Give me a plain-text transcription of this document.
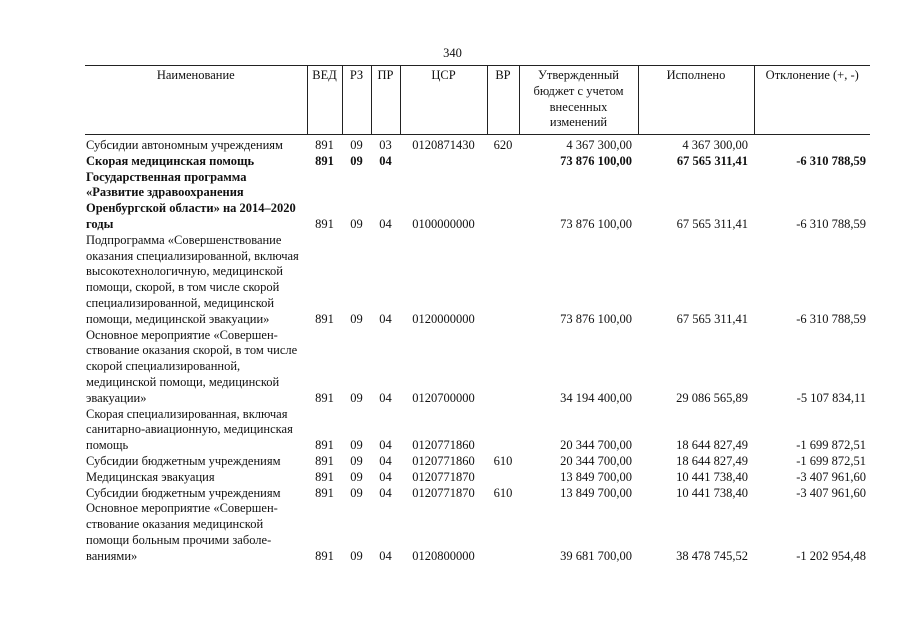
340
Наименование	ВЕД	РЗ	ПР	ЦСР	ВР	Утвержденный бюджет с учетом внесенных изменений	Исполнено	Отклонение (+, -)
Субсидии автономным учреждениям	891	09	03	0120871430	620	4 367 300,00	4 367 300,00	
Скорая медицинская помощь	891	09	04			73 876 100,00	67 565 311,41	-6 310 788,59
Государственная программа «Развитие здравоохранения Оренбургской области» на 2014–2020 годы	891	09	04	0100000000		73 876 100,00	67 565 311,41	-6 310 788,59
Подпрограмма «Совершенствование оказания специализированной, включая высокотехнологичную, медицинской помощи, скорой, в том числе скорой специализированной, медицинской помощи, медицинской эвакуации»	891	09	04	0120000000		73 876 100,00	67 565 311,41	-6 310 788,59
Основное мероприятие «Совершенствование оказания скорой, в том числе скорой специализированной, медицинской помощи, медицинской эвакуации»	891	09	04	0120700000		34 194 400,00	29 086 565,89	-5 107 834,11
Скорая специализированная, включая санитарно-авиационную, медицинская помощь	891	09	04	0120771860		20 344 700,00	18 644 827,49	-1 699 872,51
Субсидии бюджетным учреждениям	891	09	04	0120771860	610	20 344 700,00	18 644 827,49	-1 699 872,51
Медицинская эвакуация	891	09	04	0120771870		13 849 700,00	10 441 738,40	-3 407 961,60
Субсидии бюджетным учреждениям	891	09	04	0120771870	610	13 849 700,00	10 441 738,40	-3 407 961,60
Основное мероприятие «Совершенствование оказания медицинской помощи больным прочими заболеваниями»	891	09	04	0120800000		39 681 700,00	38 478 745,52	-1 202 954,48
